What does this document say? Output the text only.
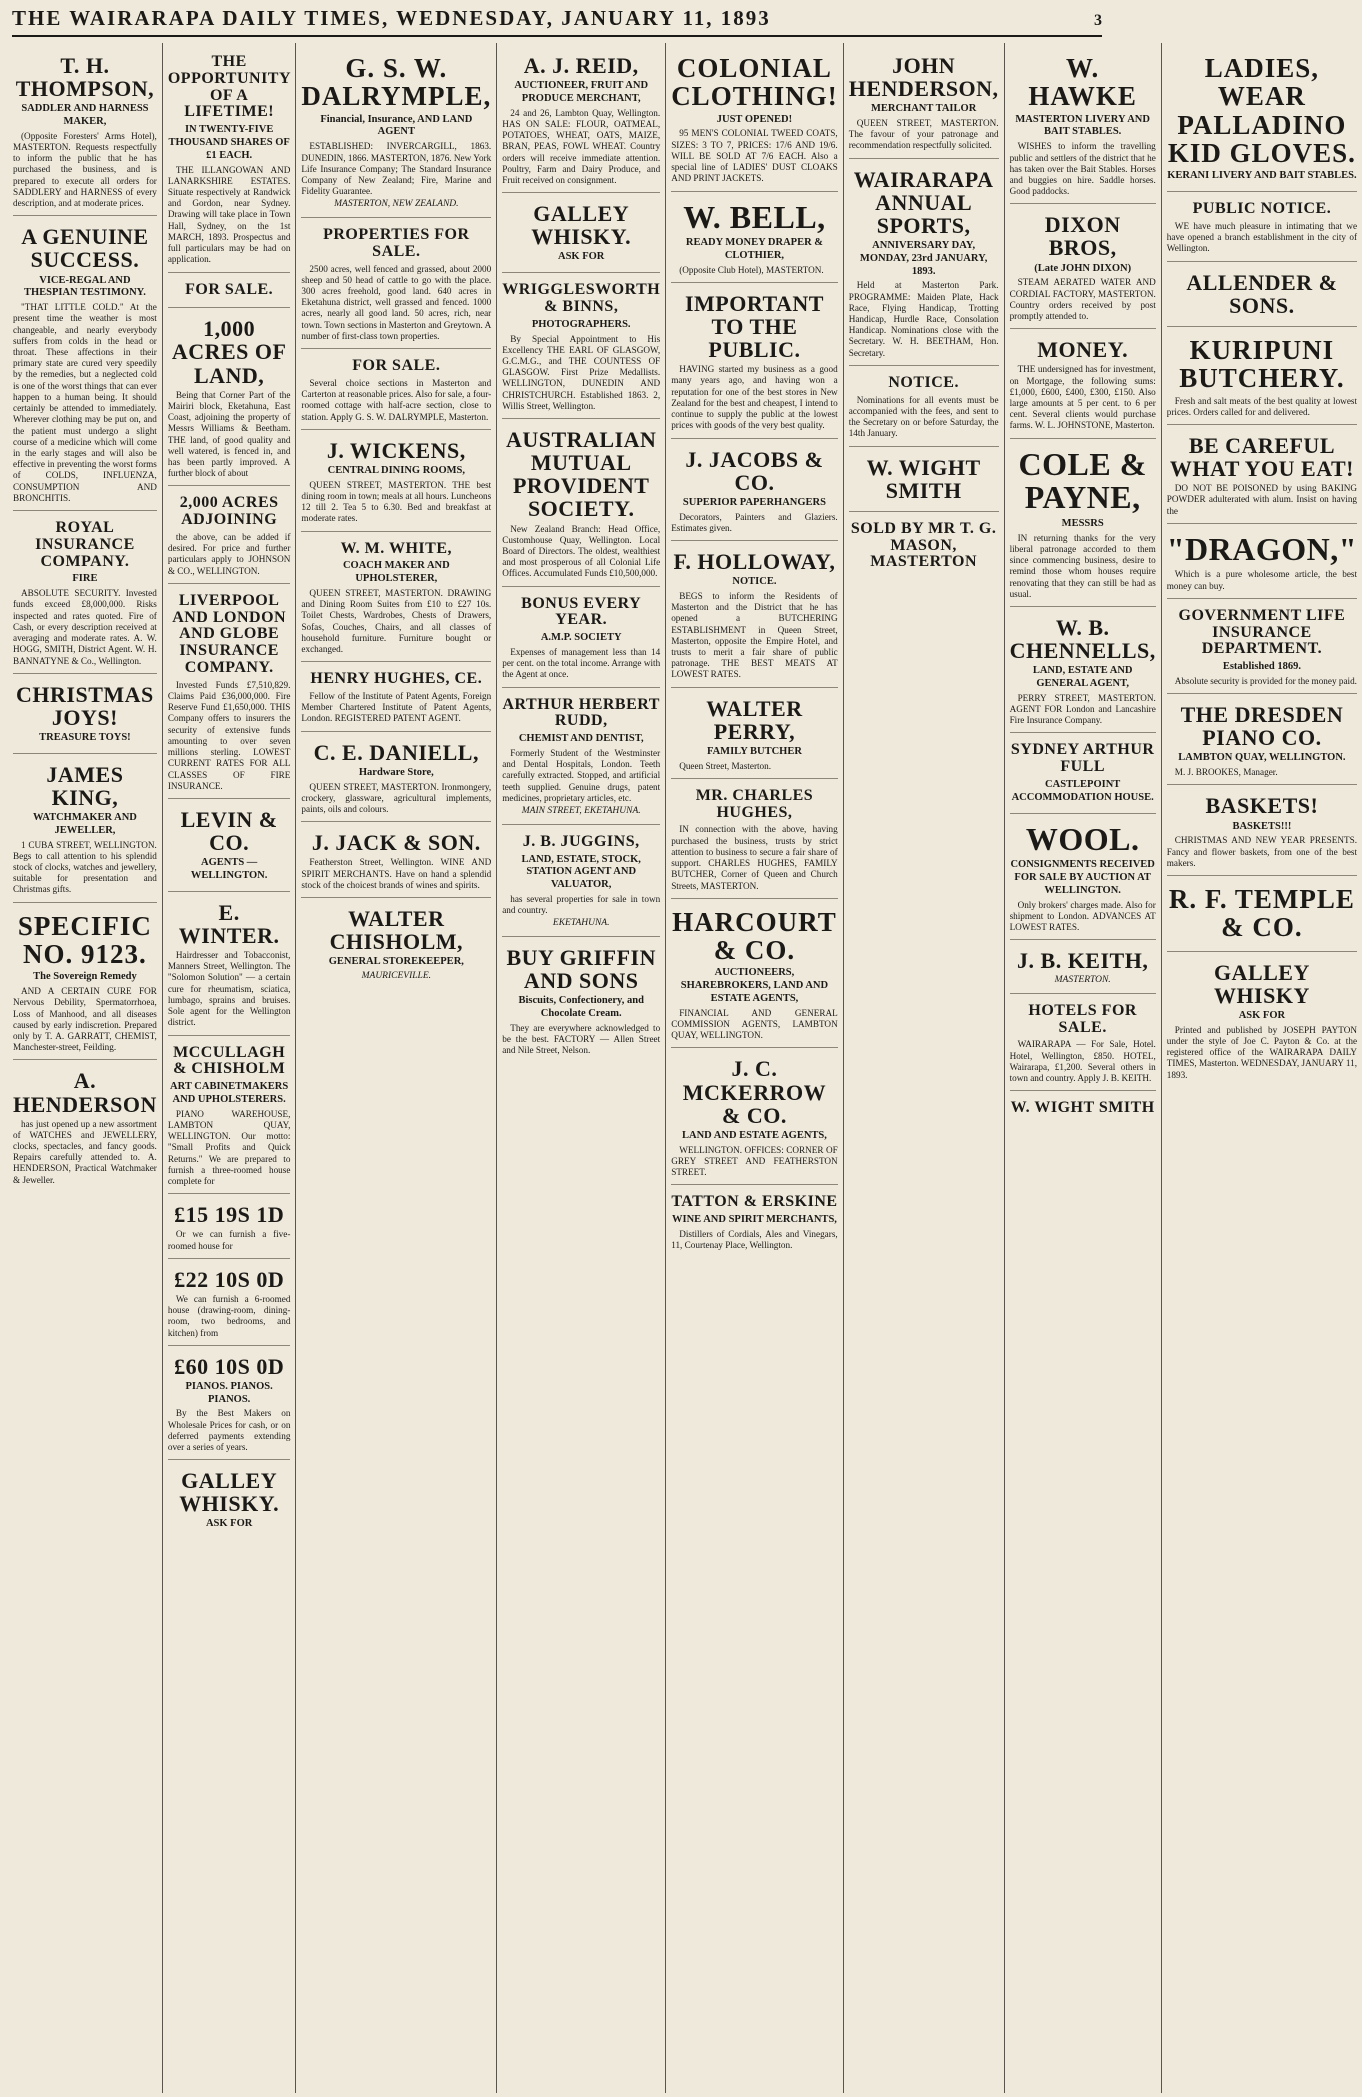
THE WAIRARAPA DAILY TIMES, WEDNESDAY, JANUARY 11, 1893	3
T. H. THOMPSON,
SADDLER AND HARNESS MAKER,

(Opposite Foresters' Arms Hotel), MASTERTON. Requests respectfully to inform the public that he has purchased the business, and is prepared to execute all orders for SADDLERY and HARNESS of every description, and at moderate prices.

A GENUINE SUCCESS.
VICE-REGAL AND THESPIAN TESTIMONY.

"THAT LITTLE COLD." At the present time the weather is most changeable, and nearly everybody suffers from colds in the head or throat. These affections in their primary state are cured very speedily by the remedies, but a neglected cold is one of the worst things that can ever happen to a human being. It should certainly be attended to immediately. Wherever clothing may be put on, and the patient must undergo a slight course of a medicine which will come in the early stages and will also be effective in preventing the worst forms of COLDS, INFLUENZA, CONSUMPTION AND BRONCHITIS.

ROYAL INSURANCE COMPANY.
FIRE

ABSOLUTE SECURITY. Invested funds exceed £8,000,000. Risks inspected and rates quoted. Fire of Cash, or every description received at averaging and moderate rates. A. W. HOGG, SMITH, District Agent. W. H. BANNATYNE & Co., Wellington.

CHRISTMAS JOYS!
TREASURE TOYS!
JAMES KING,
WATCHMAKER AND JEWELLER,

1 CUBA STREET, WELLINGTON. Begs to call attention to his splendid stock of clocks, watches and jewellery, suitable for presentation and Christmas gifts.

SPECIFIC NO. 9123.
The Sovereign Remedy

AND A CERTAIN CURE FOR Nervous Debility, Spermatorrhoea, Loss of Manhood, and all diseases caused by early indiscretion. Prepared only by T. A. GARRATT, CHEMIST, Manchester-street, Feilding.

A. HENDERSON

has just opened up a new assortment of WATCHES and JEWELLERY, clocks, spectacles, and fancy goods. Repairs carefully attended to. A. HENDERSON, Practical Watchmaker & Jeweller.

THE OPPORTUNITY OF A LIFETIME!
IN TWENTY-FIVE THOUSAND SHARES OF £1 EACH.

THE ILLANGOWAN AND LANARKSHIRE ESTATES. Situate respectively at Randwick and Gordon, near Sydney. Drawing will take place in Town Hall, Sydney, on the 1st MARCH, 1893. Prospectus and full particulars may be had on application.

FOR SALE.
1,000 ACRES OF LAND,

Being that Corner Part of the Mairiri block, Eketahuna, East Coast, adjoining the property of Messrs Williams & Beetham. THE land, of good quality and well watered, is fenced in, and has been partly improved. A further block of about

2,000 ACRES ADJOINING

the above, can be added if desired. For price and further particulars apply to JOHNSON & CO., WELLINGTON.

LIVERPOOL AND LONDON AND GLOBE INSURANCE COMPANY.

Invested Funds £7,510,829. Claims Paid £36,000,000. Fire Reserve Fund £1,650,000. THIS Company offers to insurers the security of extensive funds amounting to over seven millions sterling. LOWEST CURRENT RATES FOR ALL CLASSES OF FIRE INSURANCE.

LEVIN & CO.
AGENTS — WELLINGTON.
E. WINTER.

Hairdresser and Tobacconist, Manners Street, Wellington. The "Solomon Solution" — a certain cure for rheumatism, sciatica, lumbago, sprains and bruises. Sole agent for the Wellington district.

MCCULLAGH & CHISHOLM
ART CABINETMAKERS AND UPHOLSTERERS.

PIANO WAREHOUSE, LAMBTON QUAY, WELLINGTON. Our motto: "Small Profits and Quick Returns." We are prepared to furnish a three-roomed house complete for

£15 19S 1D

Or we can furnish a five-roomed house for

£22 10S 0D

We can furnish a 6-roomed house (drawing-room, dining-room, two bedrooms, and kitchen) from

£60 10S 0D
PIANOS. PIANOS. PIANOS.

By the Best Makers on Wholesale Prices for cash, or on deferred payments extending over a series of years.

GALLEY WHISKY.
ASK FOR
G. S. W. DALRYMPLE,
Financial, Insurance, AND LAND AGENT

ESTABLISHED: INVERCARGILL, 1863. DUNEDIN, 1866. MASTERTON, 1876. New York Life Insurance Company; The Standard Insurance Company of New Zealand; Fire, Marine and Fidelity Guarantee.

MASTERTON, NEW ZEALAND.
PROPERTIES FOR SALE.

2500 acres, well fenced and grassed, about 2000 sheep and 50 head of cattle to go with the place. 300 acres freehold, good land. 640 acres in Eketahuna district, well grassed and fenced. 1000 acres, nearly all good land. 50 acres, rich, near town. Town sections in Masterton and Greytown. A number of first-class town properties.

FOR SALE.

Several choice sections in Masterton and Carterton at reasonable prices. Also for sale, a four-roomed cottage with half-acre section, close to station. Apply G. S. W. DALRYMPLE, Masterton.

J. WICKENS,
CENTRAL DINING ROOMS,

QUEEN STREET, MASTERTON. THE best dining room in town; meals at all hours. Luncheons 12 till 2. Tea 5 to 6.30. Bed and breakfast at moderate rates.

W. M. WHITE,
COACH MAKER AND UPHOLSTERER,

QUEEN STREET, MASTERTON. DRAWING and Dining Room Suites from £10 to £27 10s. Toilet Chests, Wardrobes, Chests of Drawers, Sofas, Couches, Chairs, and all classes of household furniture. Furniture bought or exchanged.

HENRY HUGHES, CE.

Fellow of the Institute of Patent Agents, Foreign Member Chartered Institute of Patent Agents, London. REGISTERED PATENT AGENT.

C. E. DANIELL,
Hardware Store,

QUEEN STREET, MASTERTON. Ironmongery, crockery, glassware, agricultural implements, paints, oils and colours.

J. JACK & SON.

Featherston Street, Wellington. WINE AND SPIRIT MERCHANTS. Have on hand a splendid stock of the choicest brands of wines and spirits.

WALTER CHISHOLM,
GENERAL STOREKEEPER,
MAURICEVILLE.
A. J. REID,
AUCTIONEER, FRUIT AND PRODUCE MERCHANT,

24 and 26, Lambton Quay, Wellington. HAS ON SALE: FLOUR, OATMEAL, POTATOES, WHEAT, OATS, MAIZE, BRAN, PEAS, FOWL WHEAT. Country orders will receive immediate attention. Poultry, Farm and Dairy Produce, and Fruit received on consignment.

GALLEY WHISKY.
ASK FOR
WRIGGLESWORTH & BINNS,
PHOTOGRAPHERS.

By Special Appointment to His Excellency THE EARL OF GLASGOW, G.C.M.G., and THE COUNTESS OF GLASGOW. First Prize Medallists. WELLINGTON, DUNEDIN AND CHRISTCHURCH. Established 1863. 2, Willis Street, Wellington.

AUSTRALIAN MUTUAL PROVIDENT SOCIETY.

New Zealand Branch: Head Office, Customhouse Quay, Wellington. Local Board of Directors. The oldest, wealthiest and most prosperous of all Colonial Life Offices. Accumulated Funds £10,500,000.

BONUS EVERY YEAR.
A.M.P. SOCIETY

Expenses of management less than 14 per cent. on the total income. Arrange with the Agent at once.

ARTHUR HERBERT RUDD,
CHEMIST AND DENTIST,

Formerly Student of the Westminster and Dental Hospitals, London. Teeth carefully extracted. Stopped, and artificial teeth supplied. Genuine drugs, patent medicines, proprietary articles, etc.

MAIN STREET, EKETAHUNA.
J. B. JUGGINS,
LAND, ESTATE, STOCK, STATION AGENT AND VALUATOR,

has several properties for sale in town and country.

EKETAHUNA.
BUY GRIFFIN AND SONS
Biscuits, Confectionery, and Chocolate Cream.

They are everywhere acknowledged to be the best. FACTORY — Allen Street and Nile Street, Nelson.

COLONIAL CLOTHING!
JUST OPENED!

95 MEN'S COLONIAL TWEED COATS, SIZES: 3 TO 7, PRICES: 17/6 AND 19/6. WILL BE SOLD AT 7/6 EACH. Also a special line of LADIES' DUST CLOAKS AND PRINT JACKETS.

W. BELL,
READY MONEY DRAPER & CLOTHIER,

(Opposite Club Hotel), MASTERTON.

IMPORTANT TO THE PUBLIC.

HAVING started my business as a good many years ago, and having won a reputation for one of the best stores in New Zealand for the best and cheapest, I intend to continue to supply the public at the lowest prices with goods of the very best quality.

J. JACOBS & CO.
SUPERIOR PAPERHANGERS

Decorators, Painters and Glaziers. Estimates given.

F. HOLLOWAY,
NOTICE.

BEGS to inform the Residents of Masterton and the District that he has opened a BUTCHERING ESTABLISHMENT in Queen Street, Masterton, opposite the Empire Hotel, and trusts to merit a fair share of public patronage. THE BEST MEATS AT LOWEST RATES.

WALTER PERRY,
FAMILY BUTCHER

Queen Street, Masterton.

MR. CHARLES HUGHES,

IN connection with the above, having purchased the business, trusts by strict attention to business to secure a fair share of support. CHARLES HUGHES, FAMILY BUTCHER, Corner of Queen and Church Streets, MASTERTON.

HARCOURT & CO.
AUCTIONEERS, SHAREBROKERS, LAND AND ESTATE AGENTS,

FINANCIAL AND GENERAL COMMISSION AGENTS, LAMBTON QUAY, WELLINGTON.

J. C. MCKERROW & CO.
LAND AND ESTATE AGENTS,

WELLINGTON. OFFICES: CORNER OF GREY STREET AND FEATHERSTON STREET.

TATTON & ERSKINE
WINE AND SPIRIT MERCHANTS,

Distillers of Cordials, Ales and Vinegars, 11, Courtenay Place, Wellington.

JOHN HENDERSON,
MERCHANT TAILOR

QUEEN STREET, MASTERTON. The favour of your patronage and recommendation respectfully solicited.

WAIRARAPA ANNUAL SPORTS,
ANNIVERSARY DAY, MONDAY, 23rd JANUARY, 1893.

Held at Masterton Park. PROGRAMME: Maiden Plate, Hack Race, Flying Handicap, Trotting Handicap, Hurdle Race, Consolation Handicap. Nominations close with the Secretary. W. H. BEETHAM, Hon. Secretary.

NOTICE.

Nominations for all events must be accompanied with the fees, and sent to the Secretary on or before Saturday, the 14th January.

W. WIGHT SMITH
SOLD BY MR T. G. MASON, MASTERTON
W. HAWKE
MASTERTON LIVERY AND BAIT STABLES.

WISHES to inform the travelling public and settlers of the district that he has taken over the Bait Stables. Horses and buggies on hire. Saddle horses. Good paddocks.

DIXON BROS,
(Late JOHN DIXON)

STEAM AERATED WATER AND CORDIAL FACTORY, MASTERTON. Country orders received by post promptly attended to.

MONEY.

THE undersigned has for investment, on Mortgage, the following sums: £1,000, £600, £400, £300, £150. Also large amounts at 5 per cent. to 6 per cent. Several clients would purchase farms. W. L. JOHNSTONE, Masterton.

COLE & PAYNE,
MESSRS

IN returning thanks for the very liberal patronage accorded to them since commencing business, desire to remind those whom houses require renovating that they can still be had as usual.

W. B. CHENNELLS,
LAND, ESTATE AND GENERAL AGENT,

PERRY STREET, MASTERTON. AGENT FOR London and Lancashire Fire Insurance Company.

SYDNEY ARTHUR FULL
CASTLEPOINT ACCOMMODATION HOUSE.
WOOL.
CONSIGNMENTS RECEIVED FOR SALE BY AUCTION AT WELLINGTON.

Only brokers' charges made. Also for shipment to London. ADVANCES AT LOWEST RATES.

J. B. KEITH,
MASTERTON.
HOTELS FOR SALE.

WAIRARAPA — For Sale, Hotel. Hotel, Wellington, £850. HOTEL, Wairarapa, £1,200. Several others in town and country. Apply J. B. KEITH.

W. WIGHT SMITH
LADIES, WEAR PALLADINO KID GLOVES.
KERANI LIVERY AND BAIT STABLES.
PUBLIC NOTICE.

WE have much pleasure in intimating that we have opened a branch establishment in the city of Wellington.

ALLENDER & SONS.
KURIPUNI BUTCHERY.

Fresh and salt meats of the best quality at lowest prices. Orders called for and delivered.

BE CAREFUL WHAT YOU EAT!

DO NOT BE POISONED by using BAKING POWDER adulterated with alum. Insist on having the

"DRAGON,"

Which is a pure wholesome article, the best money can buy.

GOVERNMENT LIFE INSURANCE DEPARTMENT.
Established 1869.

Absolute security is provided for the money paid.

THE DRESDEN PIANO CO.
LAMBTON QUAY, WELLINGTON.

M. J. BROOKES, Manager.

BASKETS!
BASKETS!!!

CHRISTMAS AND NEW YEAR PRESENTS. Fancy and flower baskets, from one of the best makers.

R. F. TEMPLE & CO.
GALLEY WHISKY
ASK FOR

Printed and published by JOSEPH PAYTON under the style of Joe C. Payton & Co. at the registered office of the WAIRARAPA DAILY TIMES, Masterton. WEDNESDAY, JANUARY 11, 1893.
